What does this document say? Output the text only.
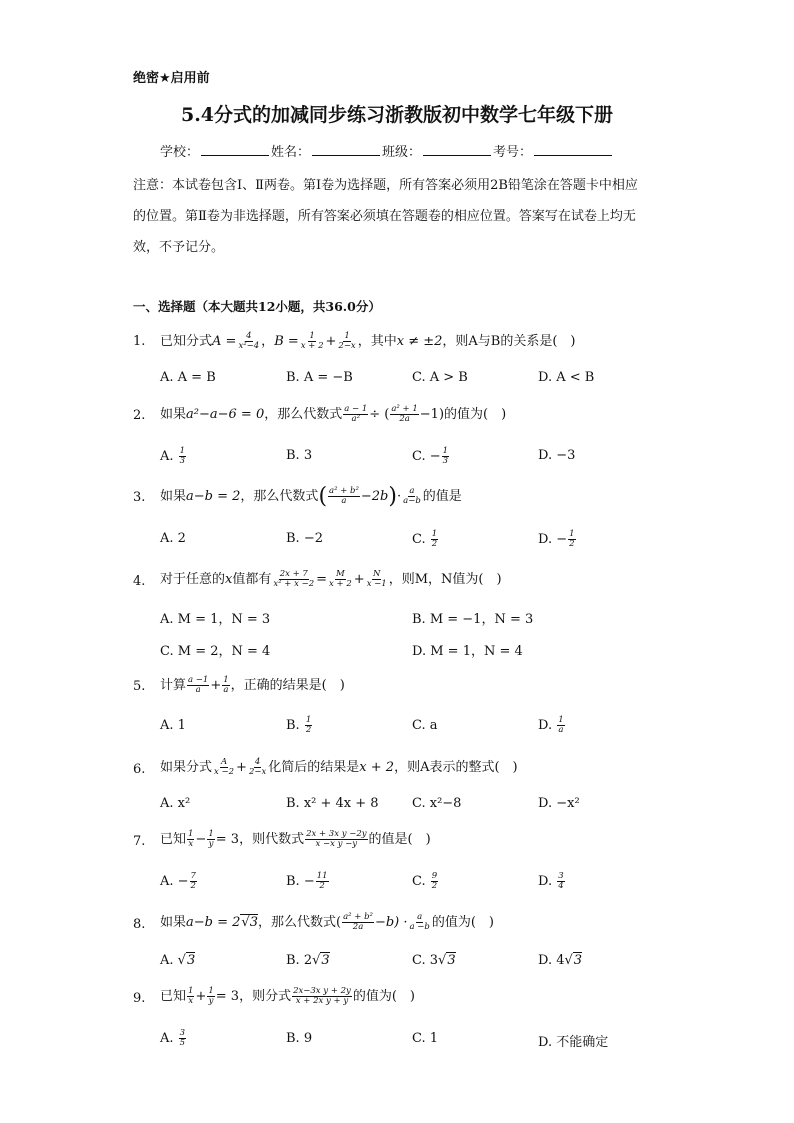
绝密★启用前
5.4分式的加减同步练习浙教版初中数学七年级下册
学校：	姓名：	班级：	考号：
注意：本试卷包含Ⅰ、Ⅱ两卷。第Ⅰ卷为选择题，所有答案必须用2B铅笔涂在答题卡中相应的位置。第Ⅱ卷为非选择题，所有答案必须填在答题卷的相应位置。答案写在试卷上均无效，不予记分。
一、选择题（本大题共12小题，共36.0分）
1. 已知分式$A = \frac{4}{\text{x²−4}}$ ，$B = \frac{1}{x + 2} + \frac{1}{2-x}$ ，其中x ≠ ±2，则A与B的关系是(　)
A. A = B	B. A = −B	C. A > B	D. A < B
2. 如果a²−a−6 = 0，那么代数式 $\frac{a - 1}{\text{a²}}$ ÷ ( $\frac{\text{a² + 1}}{2a} -1$)的值为(　)
A. $\frac{1}{3}$	B. 3	C. − $\frac{1}{3}$	D. −3
3. 如果a−b = 2，那么代数式( $\frac{\text{a² + b²}}{a} -2b)\cdot \frac{a}{a-b}$ 的值是
A. 2	B. −2	C. $\frac{1}{2}$	D. − $\frac{1}{2}$
4. 对于任意的x值都有 $\frac{2x + 7}{\text{x² + x −2}} = \frac{M}{x + 2} + \frac{N}{x -1}$ ，则M，N值为(　)
A. M = 1，N = 3	B. M = −1，N = 3
C. M = 2，N = 4	D. M = 1，N = 4
5. 计算 $\frac{a -1}{a} + \frac{1}{a}$ ，正确的结果是(　)
A. 1	B. $\frac{1}{2}$	C. a	D. $\frac{1}{a}$
6. 如果分式 $\frac{A}{x -2} + \frac{4}{2-x}$ 化简后的结果是x + 2，则A表示的整式(　)
A. x²	B. x² + 4x + 8	C. x²−8	D. −x²
7. 已知 $\frac{1}{x} - \frac{1}{y} = 3$，则代数式 $\frac{\text{2x + 3x y −2y}}{\text{x −x y −y}}$ 的值是(　)
A. − $\frac{7}{2}$	B. − $\frac{11}{2}$	C. $\frac{9}{2}$	D. $\frac{3}{4}$
8. 如果a−b = 2√3，那么代数式( $\frac{\text{a² + b²}}{2a} -b) \cdot \frac{a}{a -b}$ 的值为(　)
A. √3	B. 2√3	C. 3√3	D. 4√3
9. 已知 $\frac{1}{x} + \frac{1}{y} = 3$，则分式 $\frac{\text{2x−3x y + 2y}}{\text{x + 2x y + y}}$ 的值为(　)
A. $\frac{3}{5}$	B. 9	C. 1	D. 不能确定
